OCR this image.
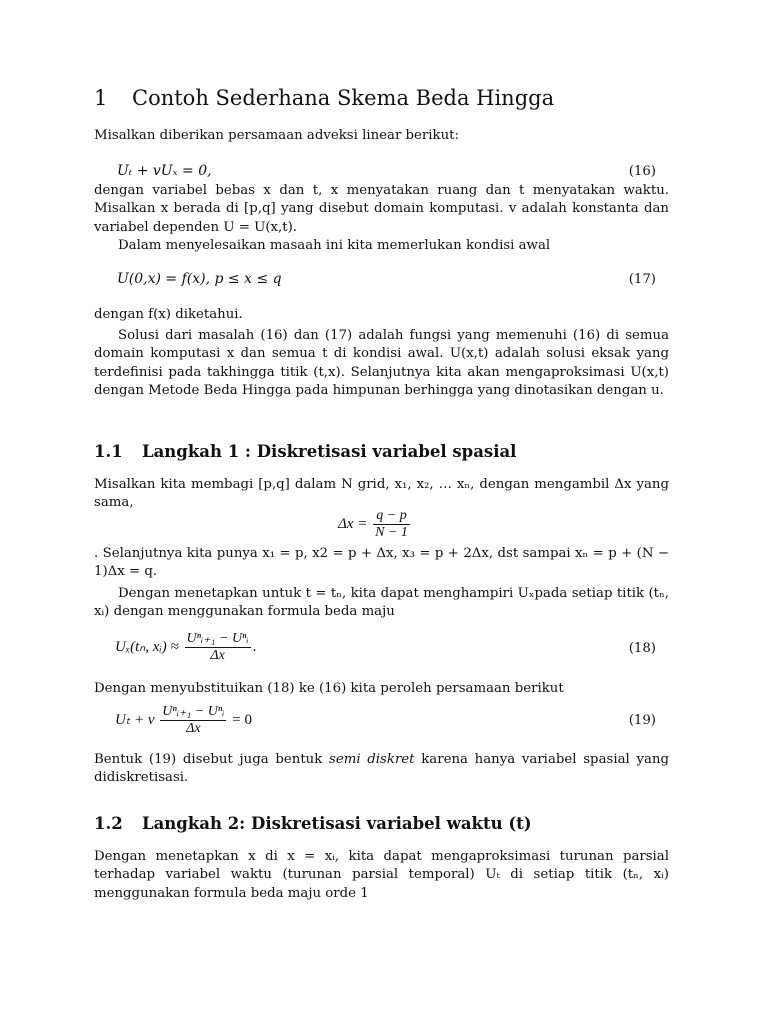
1 Contoh Sederhana Skema Beda Hingga
Misalkan diberikan persamaan adveksi linear berikut:
Uₜ + vUₓ = 0,	(16)
dengan variabel bebas x dan t, x menyatakan ruang dan t menyatakan waktu. Misalkan x berada di [p,q] yang disebut domain komputasi. v adalah konstanta dan variabel dependen U = U(x,t).
Dalam menyelesaikan masaah ini kita memerlukan kondisi awal
U(0,x) = f(x), p ≤ x ≤ q	(17)
dengan f(x) diketahui.
Solusi dari masalah (16) dan (17) adalah fungsi yang memenuhi (16) di semua domain komputasi x dan semua t di kondisi awal. U(x,t) adalah solusi eksak yang terdefinisi pada takhingga titik (t,x). Selanjutnya kita akan mengaproksimasi U(x,t) dengan Metode Beda Hingga pada himpunan berhingga yang dinotasikan dengan u.
1.1 Langkah 1 : Diskretisasi variabel spasial
Misalkan kita membagi [p,q] dalam N grid, x₁, x₂, … xₙ, dengan mengambil Δx yang sama,
$\Delta x = \frac{q - p}{N - 1}$
. Selanjutnya kita punya x₁ = p, x2 = p + Δx, x₃ = p + 2Δx, dst sampai xₙ = p + (N − 1)Δx = q.
Dengan menetapkan untuk t = tₙ, kita dapat menghampiri Uₓpada setiap titik (tₙ, xᵢ) dengan menggunakan formula beda maju
Uₓ(tₙ, xᵢ) ≈ $\frac{\text{Uⁿᵢ₊₁ − Uⁿᵢ}}{\Delta x}$ .	(18)
Dengan menyubstituikan (18) ke (16) kita peroleh persamaan berikut
Uₜ + v $\frac{\text{Uⁿᵢ₊₁ − Uⁿᵢ}}{\Delta x} = 0$	(19)
Bentuk (19) disebut juga bentuk semi diskret karena hanya variabel spasial yang didiskretisasi.
1.2 Langkah 2: Diskretisasi variabel waktu (t)
Dengan menetapkan x di x = xᵢ, kita dapat mengaproksimasi turunan parsial terhadap variabel waktu (turunan parsial temporal) Uₜ di setiap titik (tₙ, xᵢ) menggunakan formula beda maju orde 1
